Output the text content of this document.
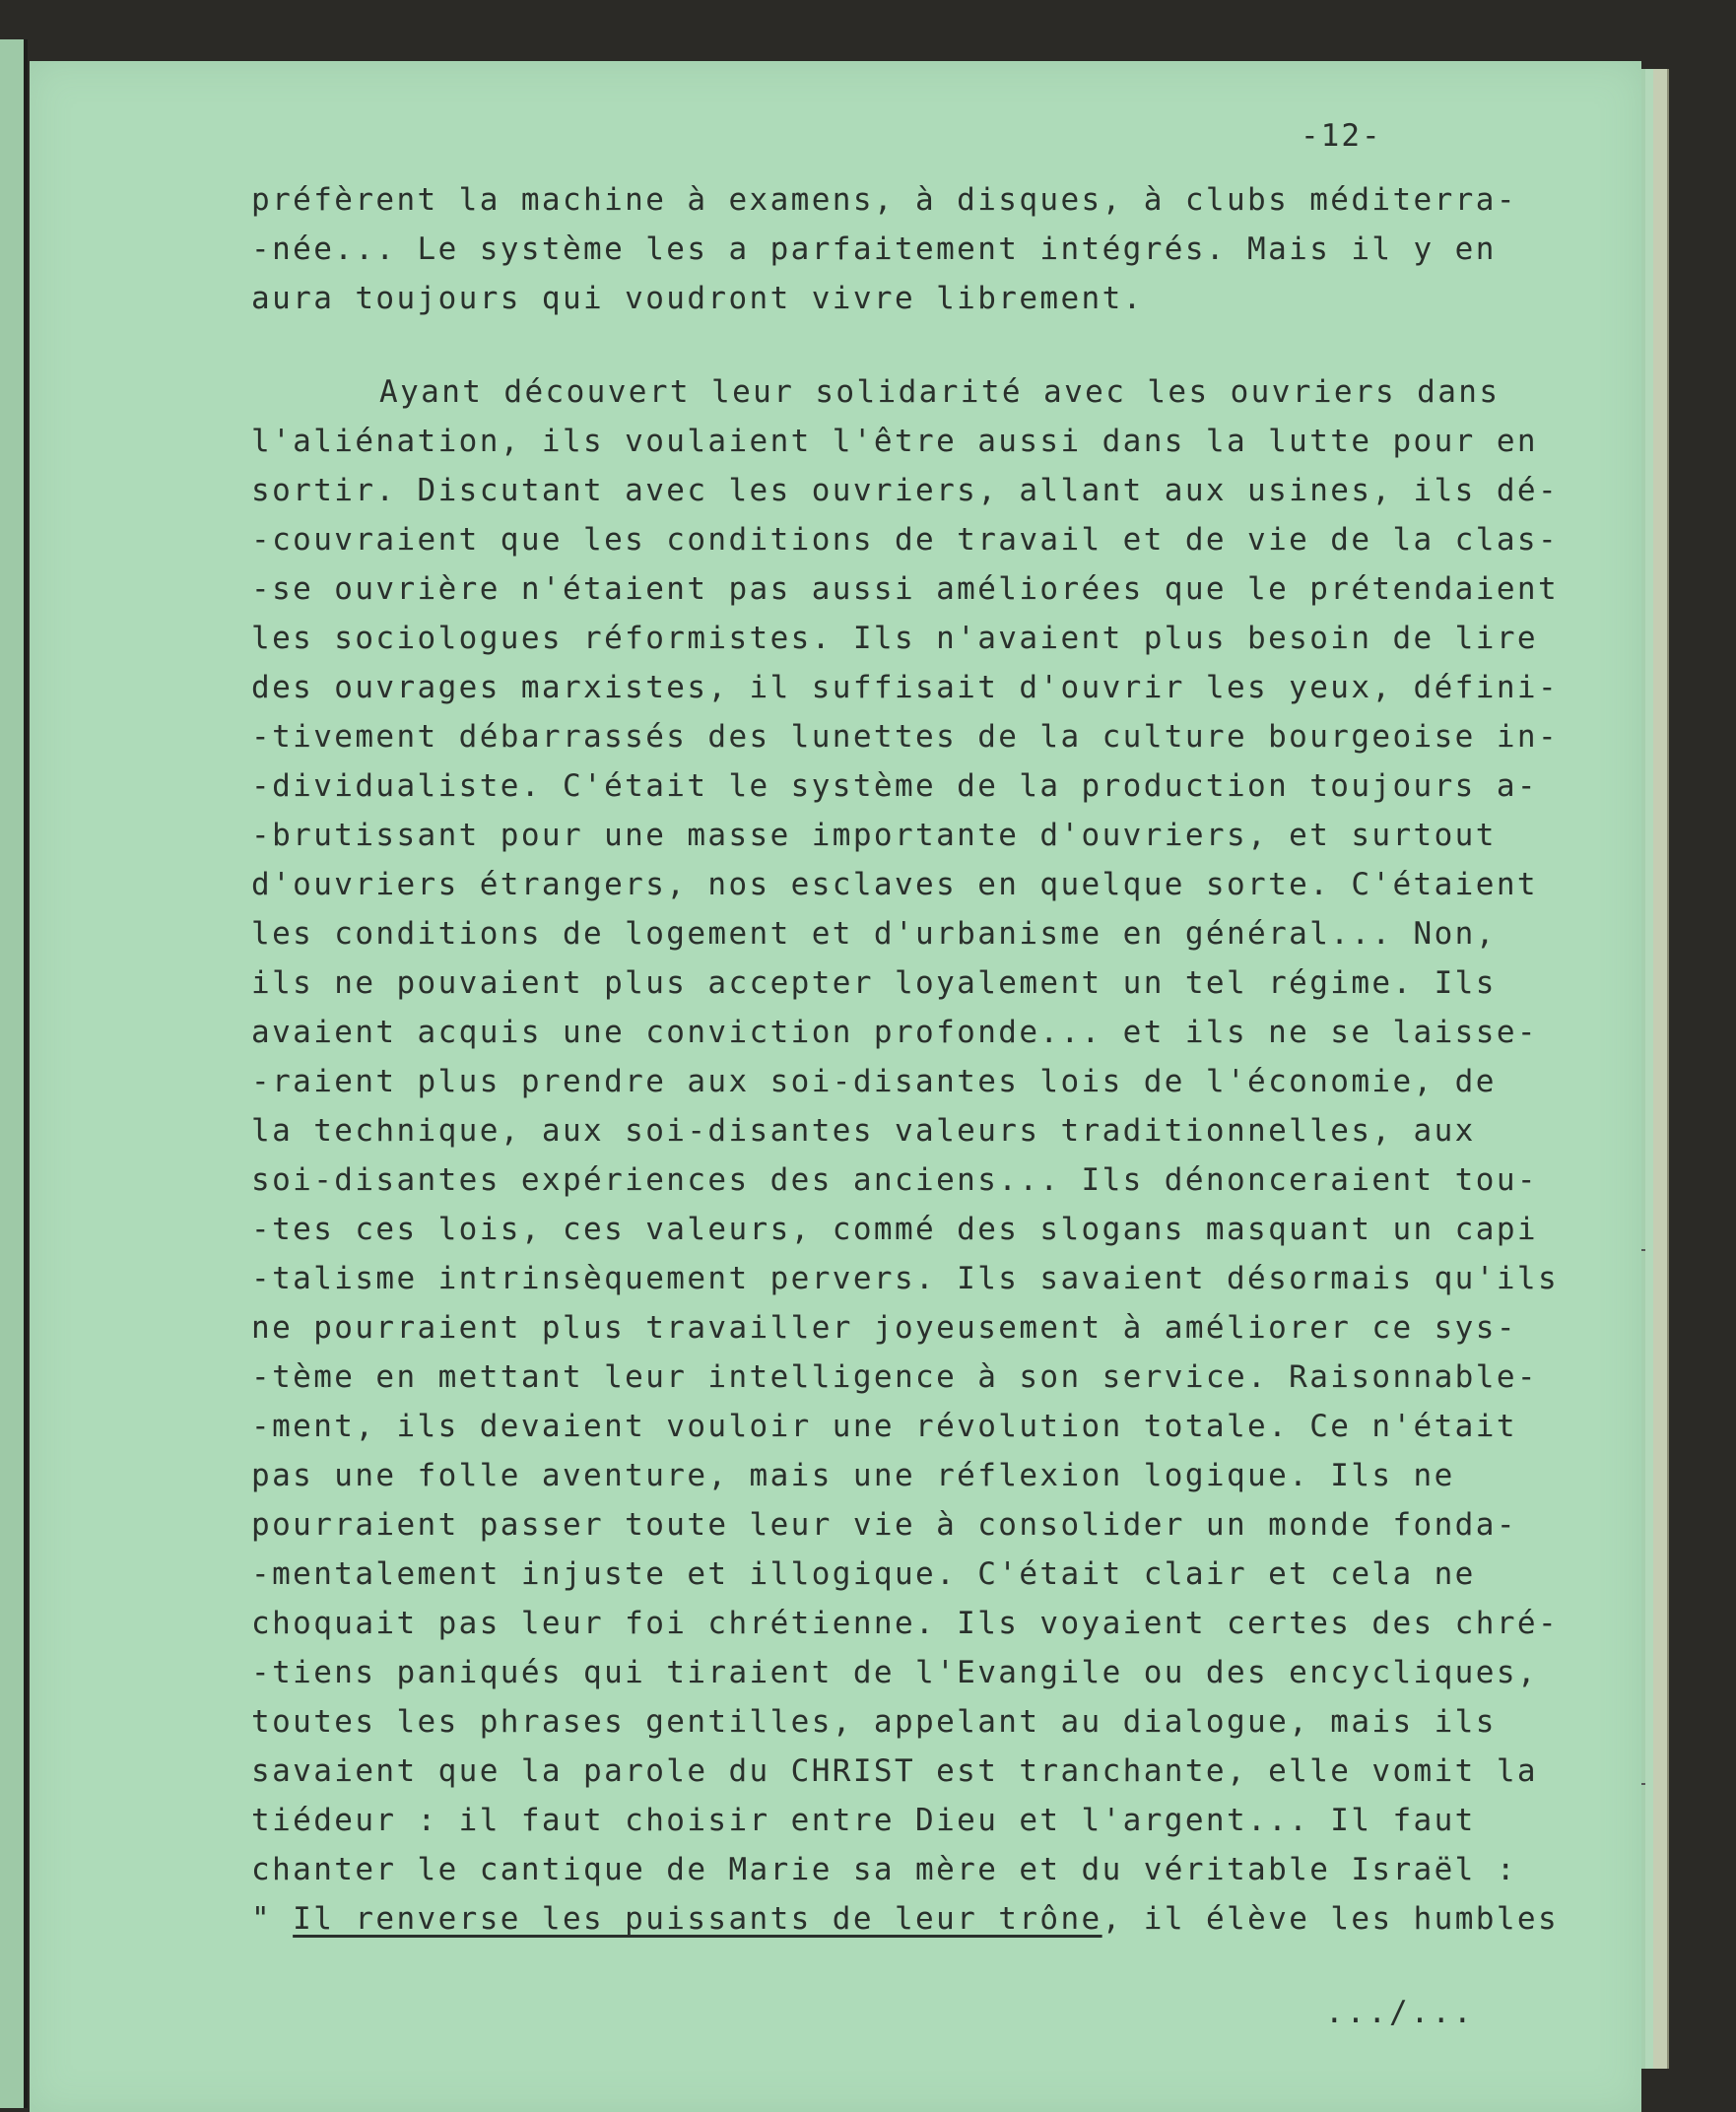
-12-
préfèrent la machine à examens, à disques, à clubs méditerra-
-née... Le système les a parfaitement intégrés. Mais il y en
aura toujours qui voudront vivre librement.
Ayant découvert leur solidarité avec les ouvriers dans
l'aliénation, ils voulaient l'être aussi dans la lutte pour en
sortir. Discutant avec les ouvriers, allant aux usines, ils dé-
-couvraient que les conditions de travail et de vie de la clas-
-se ouvrière n'étaient pas aussi améliorées que le prétendaient
les sociologues réformistes. Ils n'avaient plus besoin de lire
des ouvrages marxistes, il suffisait d'ouvrir les yeux, défini-
-tivement débarrassés des lunettes de la culture bourgeoise in-
-dividualiste. C'était le système de la production toujours a-
-brutissant pour une masse importante d'ouvriers, et surtout
d'ouvriers étrangers, nos esclaves en quelque sorte. C'étaient
les conditions de logement et d'urbanisme en général... Non,
ils ne pouvaient plus accepter loyalement un tel régime. Ils
avaient acquis une conviction profonde... et ils ne se laisse-
-raient plus prendre aux soi-disantes lois de l'économie, de
la technique, aux soi-disantes valeurs traditionnelles, aux
soi-disantes expériences des anciens... Ils dénonceraient tou-
-tes ces lois, ces valeurs, commé des slogans masquant un capi
-talisme intrinsèquement pervers. Ils savaient désormais qu'ils
ne pourraient plus travailler joyeusement à améliorer ce sys-
-tème en mettant leur intelligence à son service. Raisonnable-
-ment, ils devaient vouloir une révolution totale. Ce n'était
pas une folle aventure, mais une réflexion logique. Ils ne
pourraient passer toute leur vie à consolider un monde fonda-
-mentalement injuste et illogique. C'était clair et cela ne
choquait pas leur foi chrétienne. Ils voyaient certes des chré-
-tiens paniqués qui tiraient de l'Evangile ou des encycliques,
toutes les phrases gentilles, appelant au dialogue, mais ils
savaient que la parole du CHRIST est tranchante, elle vomit la
tiédeur : il faut choisir entre Dieu et l'argent... Il faut
chanter le cantique de Marie sa mère et du véritable Israël :
" Il renverse les puissants de leur trône, il élève les humbles
.../...
